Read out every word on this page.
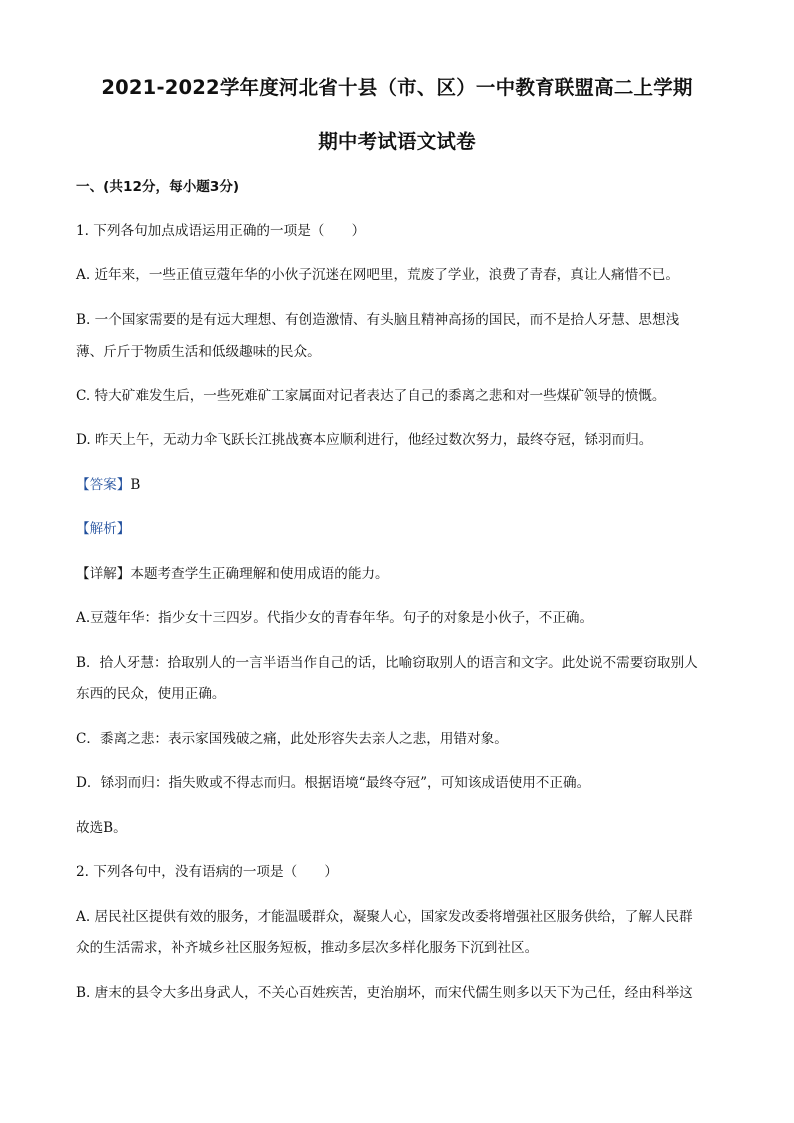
2021-2022学年度河北省十县（市、区）一中教育联盟高二上学期
期中考试语文试卷
一、(共12分，每小题3分)
1. 下列各句加点成语运用正确的一项是（　　）
A. 近年来，一些正值豆蔻年华的小伙子沉迷在网吧里，荒废了学业，浪费了青春，真让人痛惜不已。
B. 一个国家需要的是有远大理想、有创造激情、有头脑且精神高扬的国民，而不是拾人牙慧、思想浅
薄、斤斤于物质生活和低级趣味的民众。
C. 特大矿难发生后，一些死难矿工家属面对记者表达了自己的黍离之悲和对一些煤矿领导的愤慨。
D. 昨天上午，无动力伞飞跃长江挑战赛本应顺利进行，他经过数次努力，最终夺冠，铩羽而归。
【答案】B
【解析】
【详解】本题考查学生正确理解和使用成语的能力。
A.豆蔻年华：指少女十三四岁。代指少女的青春年华。句子的对象是小伙子，不正确。
B．拾人牙慧：拾取别人的一言半语当作自己的话，比喻窃取别人的语言和文字。此处说不需要窃取别人
东西的民众，使用正确。
C．黍离之悲：表示家国残破之痛，此处形容失去亲人之悲，用错对象。
D．铩羽而归：指失败或不得志而归。根据语境“最终夺冠”，可知该成语使用不正确。
故选B。
2. 下列各句中，没有语病的一项是（　　）
A. 居民社区提供有效的服务，才能温暖群众，凝聚人心，国家发改委将增强社区服务供给，了解人民群
众的生活需求，补齐城乡社区服务短板，推动多层次多样化服务下沉到社区。
B. 唐末的县令大多出身武人，不关心百姓疾苦，吏治崩坏，而宋代儒生则多以天下为己任，经由科举这
